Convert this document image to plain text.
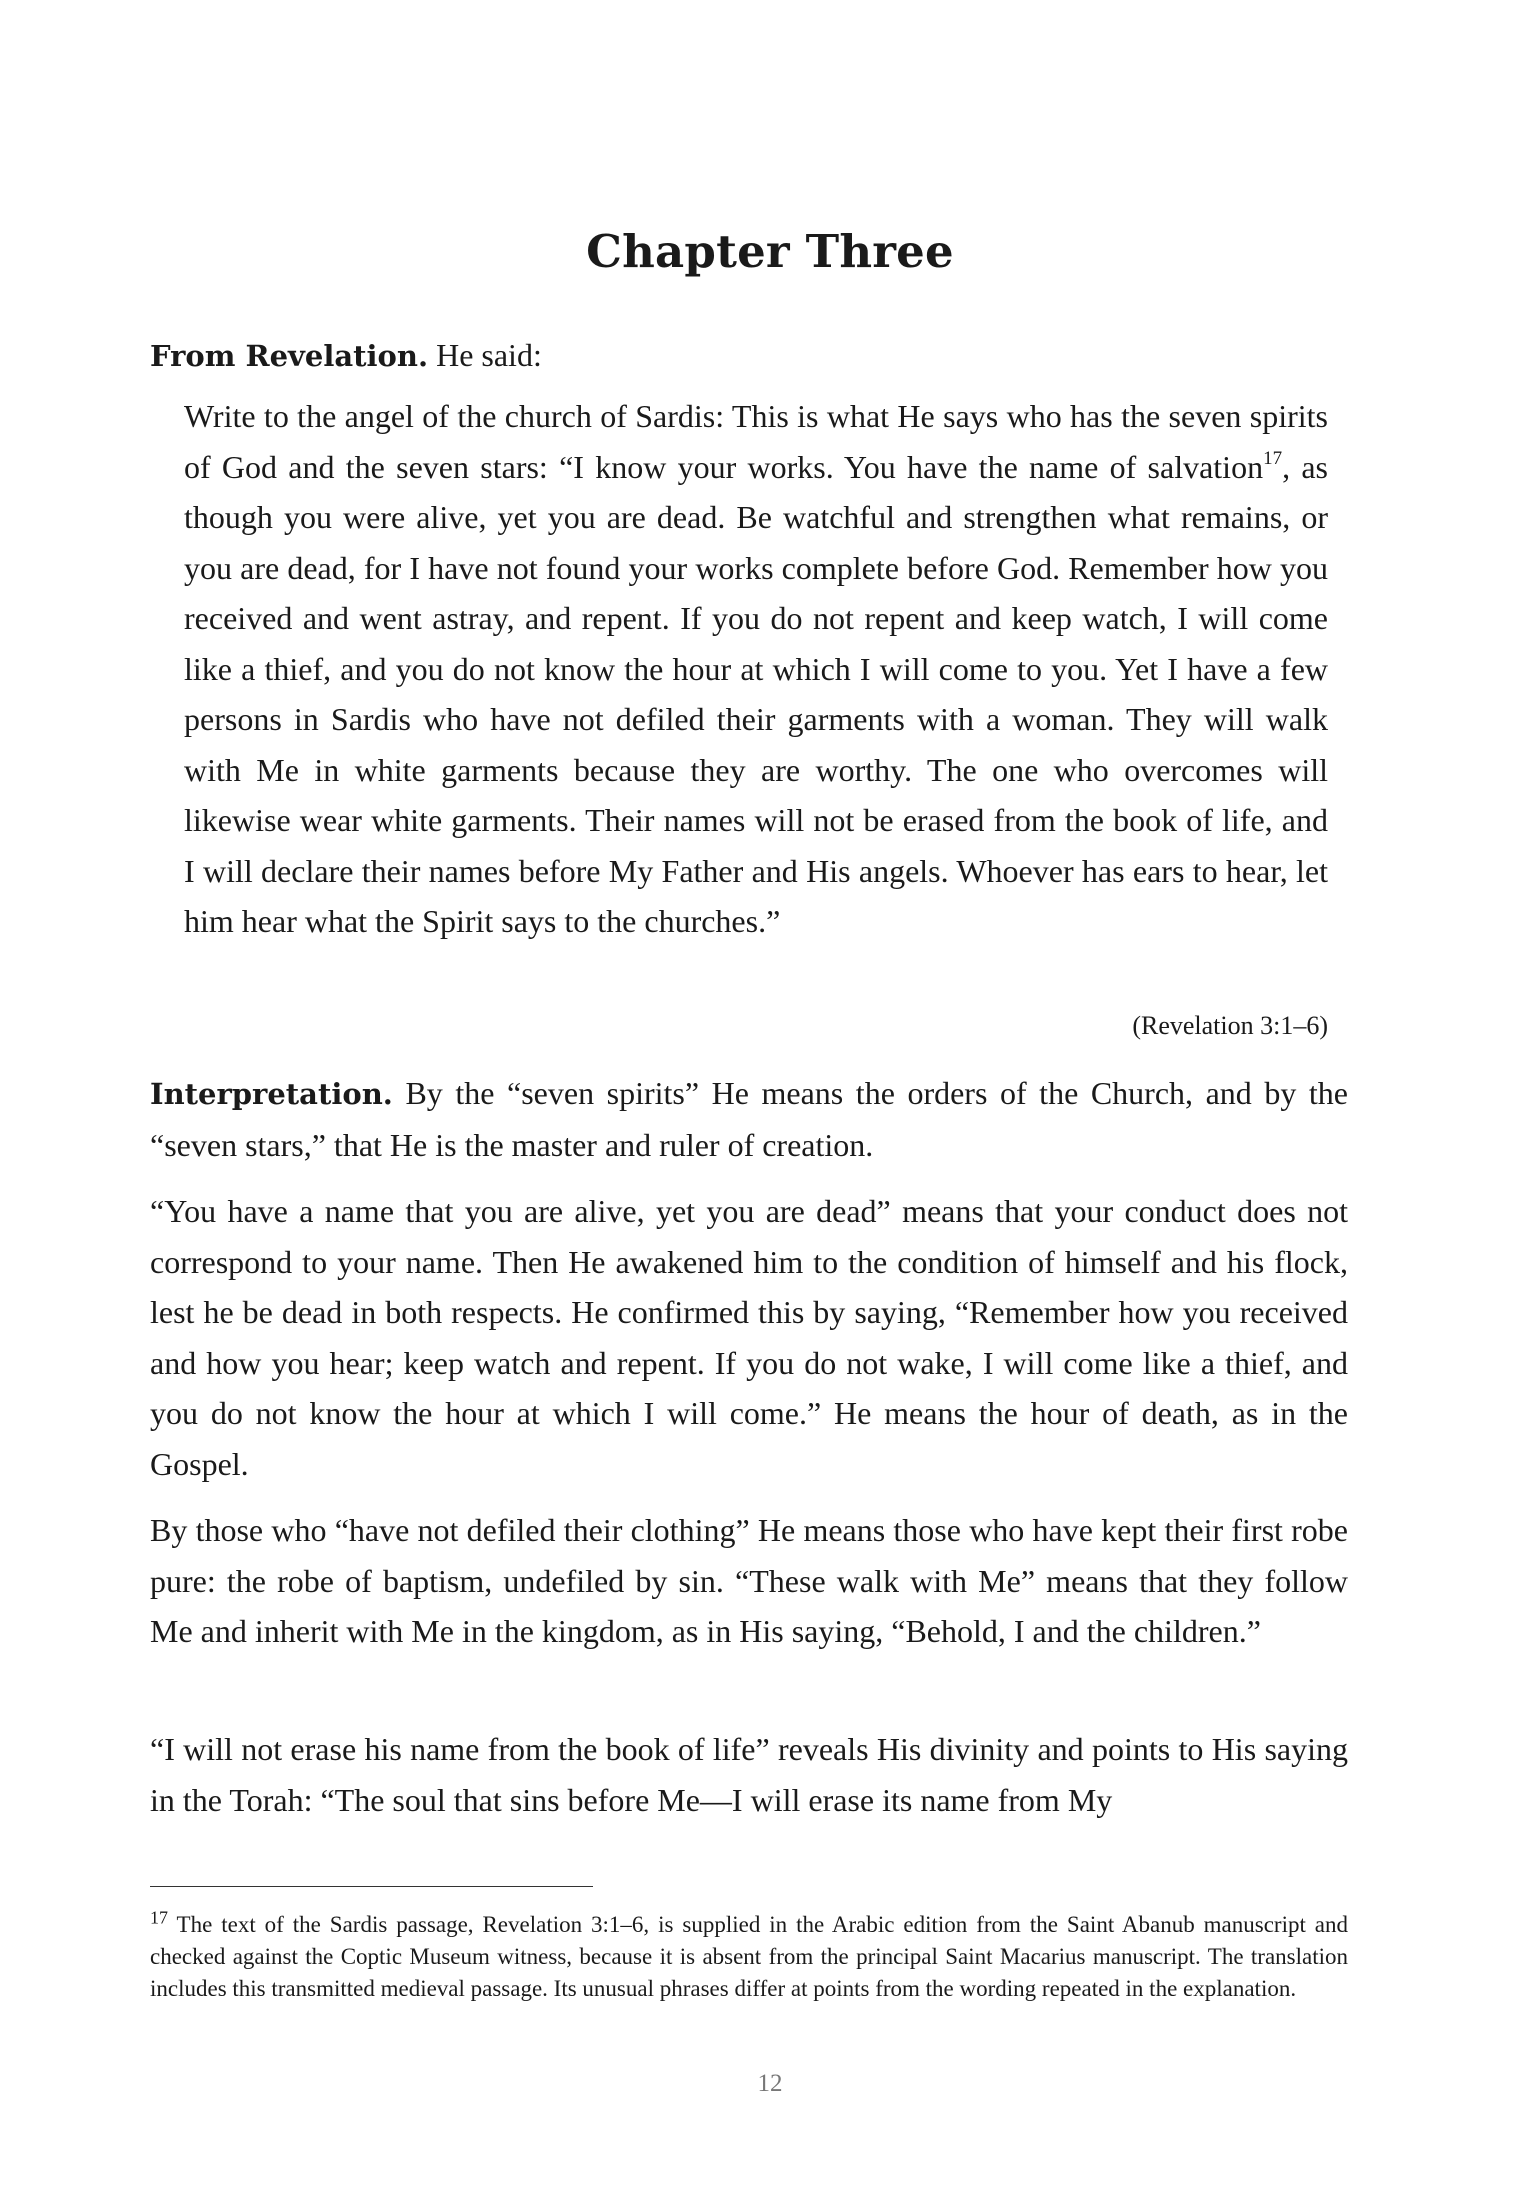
Chapter Three

From Revelation. He said:

Write to the angel of the church of Sardis: This is what He says who has the seven spirits of God and the seven stars: “I know your works. You have the name of salvation$^{17}$, as though you were alive, yet you are dead. Be watchful and strengthen what remains, or you are dead, for I have not found your works complete before God. Remember how you received and went astray, and repent. If you do not repent and keep watch, I will come like a thief, and you do not know the hour at which I will come to you. Yet I have a few persons in Sardis who have not defiled their garments with a woman. They will walk with Me in white garments because they are worthy. The one who overcomes will likewise wear white garments. Their names will not be erased from the book of life, and I will declare their names before My Father and His angels. Whoever has ears to hear, let him hear what the Spirit says to the churches.”

(Revelation 3:1–6)

Interpretation. By the “seven spirits” He means the orders of the Church, and by the “seven stars,” that He is the master and ruler of creation.

“You have a name that you are alive, yet you are dead” means that your conduct does not correspond to your name. Then He awakened him to the condition of himself and his flock, lest he be dead in both respects. He confirmed this by saying, “Remember how you received and how you hear; keep watch and repent. If you do not wake, I will come like a thief, and you do not know the hour at which I will come.” He means the hour of death, as in the Gospel.

By those who “have not defiled their clothing” He means those who have kept their first robe pure: the robe of baptism, undefiled by sin. “These walk with Me” means that they follow Me and inherit with Me in the kingdom, as in His saying, “Behold, I and the children.”

“I will not erase his name from the book of life” reveals His divinity and points to His saying in the Torah: “The soul that sins before Me—I will erase its name from My

$^{17}$ The text of the Sardis passage, Revelation 3:1–6, is supplied in the Arabic edition from the Saint Abanub manuscript and checked against the Coptic Museum witness, because it is absent from the principal Saint Macarius manuscript. The translation includes this transmitted medieval passage. Its unusual phrases differ at points from the wording repeated in the explanation.

12
